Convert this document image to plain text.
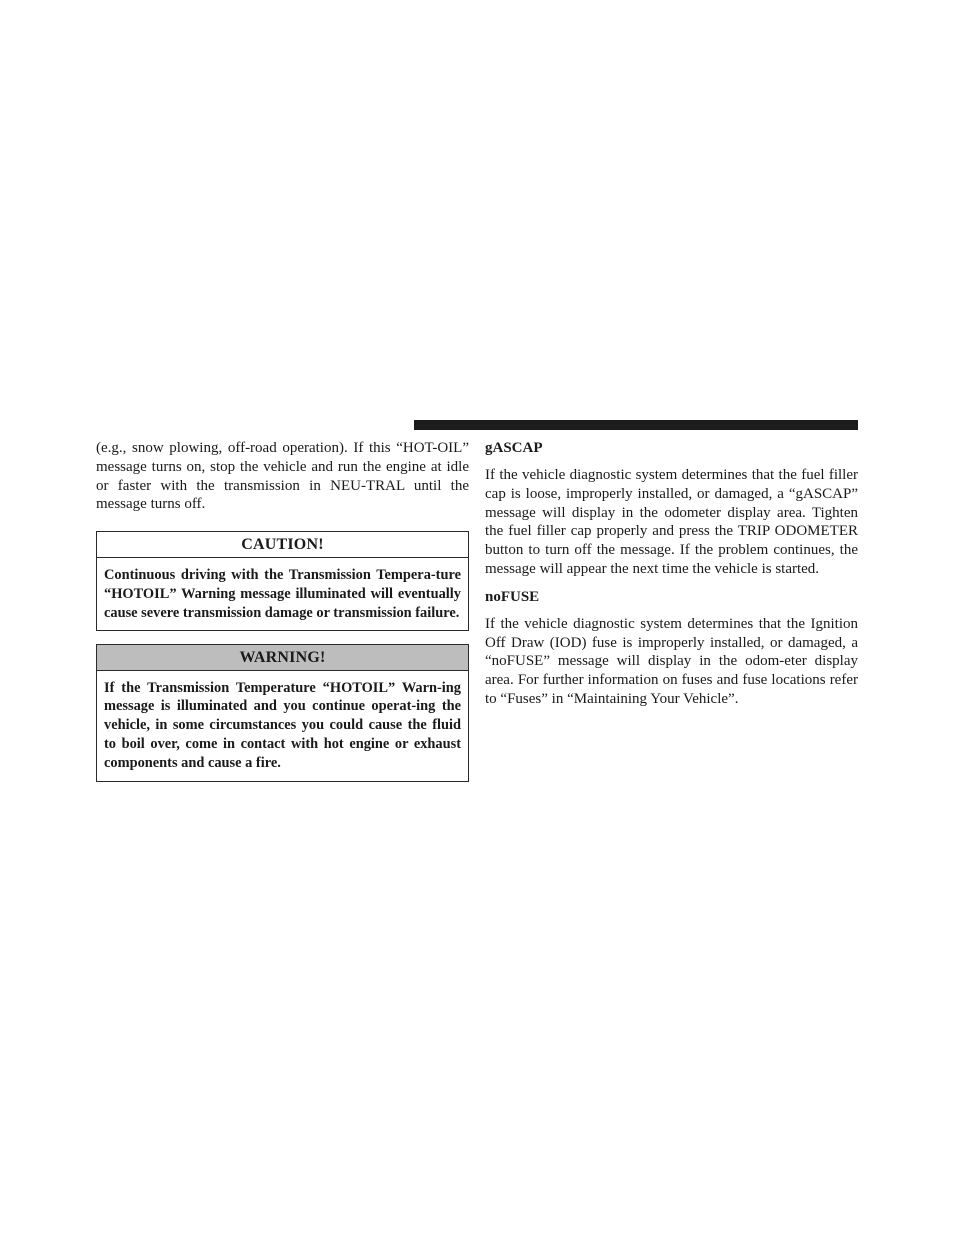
(e.g., snow plowing, off-road operation). If this “HOT-OIL” message turns on, stop the vehicle and run the engine at idle or faster with the transmission in NEU-TRAL until the message turns off.

CAUTION!
Continuous driving with the Transmission Tempera-ture “HOTOIL” Warning message illuminated will eventually cause severe transmission damage or transmission failure.
WARNING!
If the Transmission Temperature “HOTOIL” Warn-ing message is illuminated and you continue operat-ing the vehicle, in some circumstances you could cause the fluid to boil over, come in contact with hot engine or exhaust components and cause a fire.
gASCAP

If the vehicle diagnostic system determines that the fuel filler cap is loose, improperly installed, or damaged, a “gASCAP” message will display in the odometer display area. Tighten the fuel filler cap properly and press the TRIP ODOMETER button to turn off the message. If the problem continues, the message will appear the next time the vehicle is started.

noFUSE

If the vehicle diagnostic system determines that the Ignition Off Draw (IOD) fuse is improperly installed, or damaged, a “noFUSE” message will display in the odom-eter display area. For further information on fuses and fuse locations refer to “Fuses” in “Maintaining Your Vehicle”.
